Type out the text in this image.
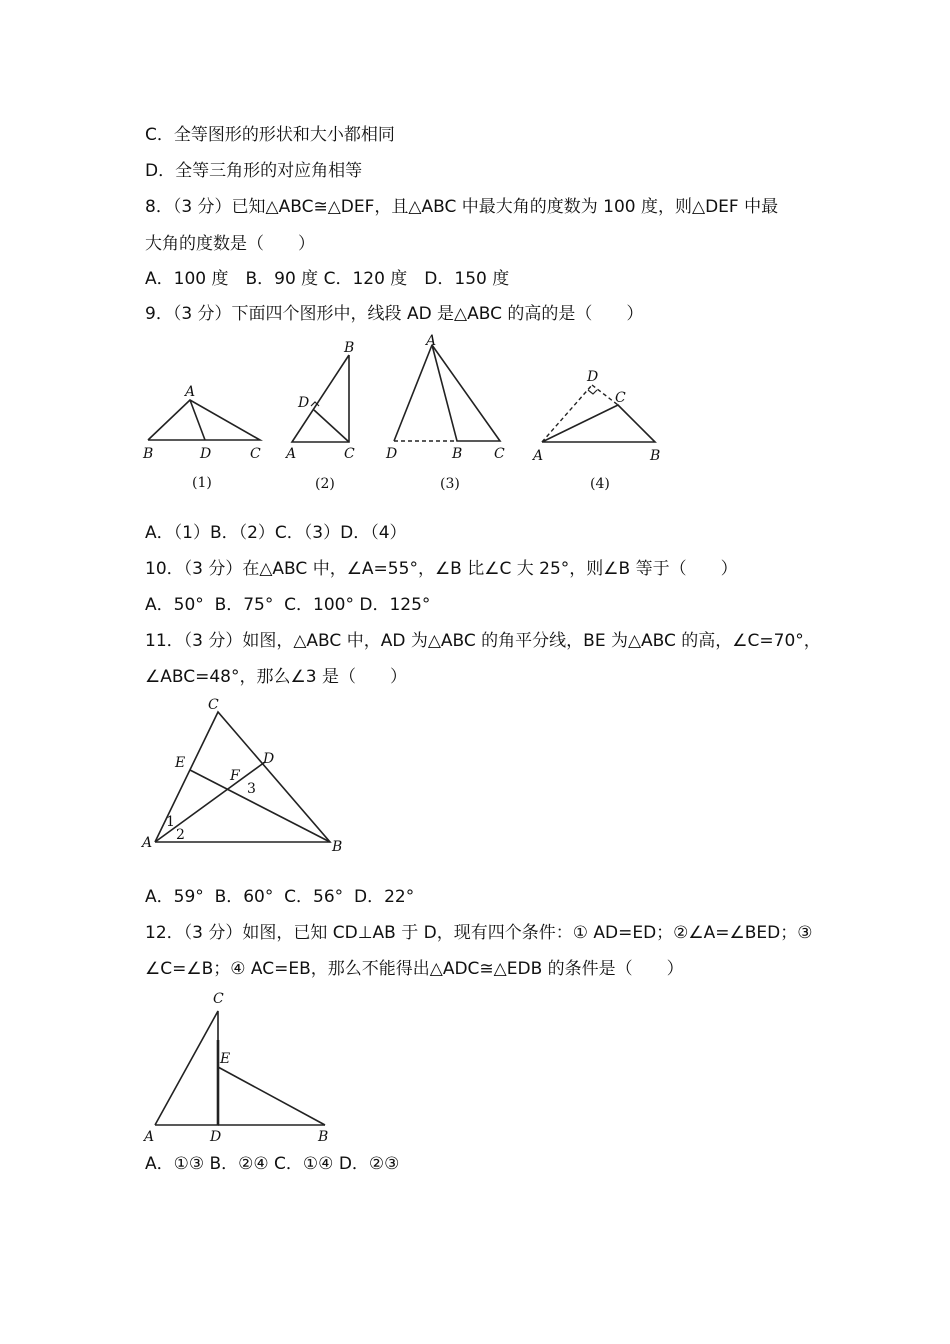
C．全等图形的形状和大小都相同
D．全等三角形的对应角相等
8．（3 分）已知△ABC≅△DEF，且△ABC 中最大角的度数为 100 度，则△DEF 中最
大角的度数是（　　）
A．100 度　B．90 度 C．120 度　D．150 度
9．（3 分）下面四个图形中，线段 AD 是△ABC 的高的是（　　）
A
B	D	C
(1)
B
D
A	C
(2)
A
D	B C
(3)
D
C
A	B
(4)
A．（1）B．（2）C．（3）D．（4）
10．（3 分）在△ABC 中，∠A=55°，∠B 比∠C 大 25°，则∠B 等于（　　）
A．50°  B．75°  C．100° D．125°
11．（3 分）如图，△ABC 中，AD 为△ABC 的角平分线，BE 为△ABC 的高，∠C=70°，
∠ABC=48°，那么∠3 是（　　）
C
E	D
F
3
1
2
A	B
A．59°  B．60°  C．56°  D．22°
12．（3 分）如图，已知 CD⊥AB 于 D，现有四个条件：① AD=ED；②∠A=∠BED；③
∠C=∠B；④ AC=EB，那么不能得出△ADC≅△EDB 的条件是（　　）
C
E
A	D	B
A．①③ B．②④ C．①④ D．②③
